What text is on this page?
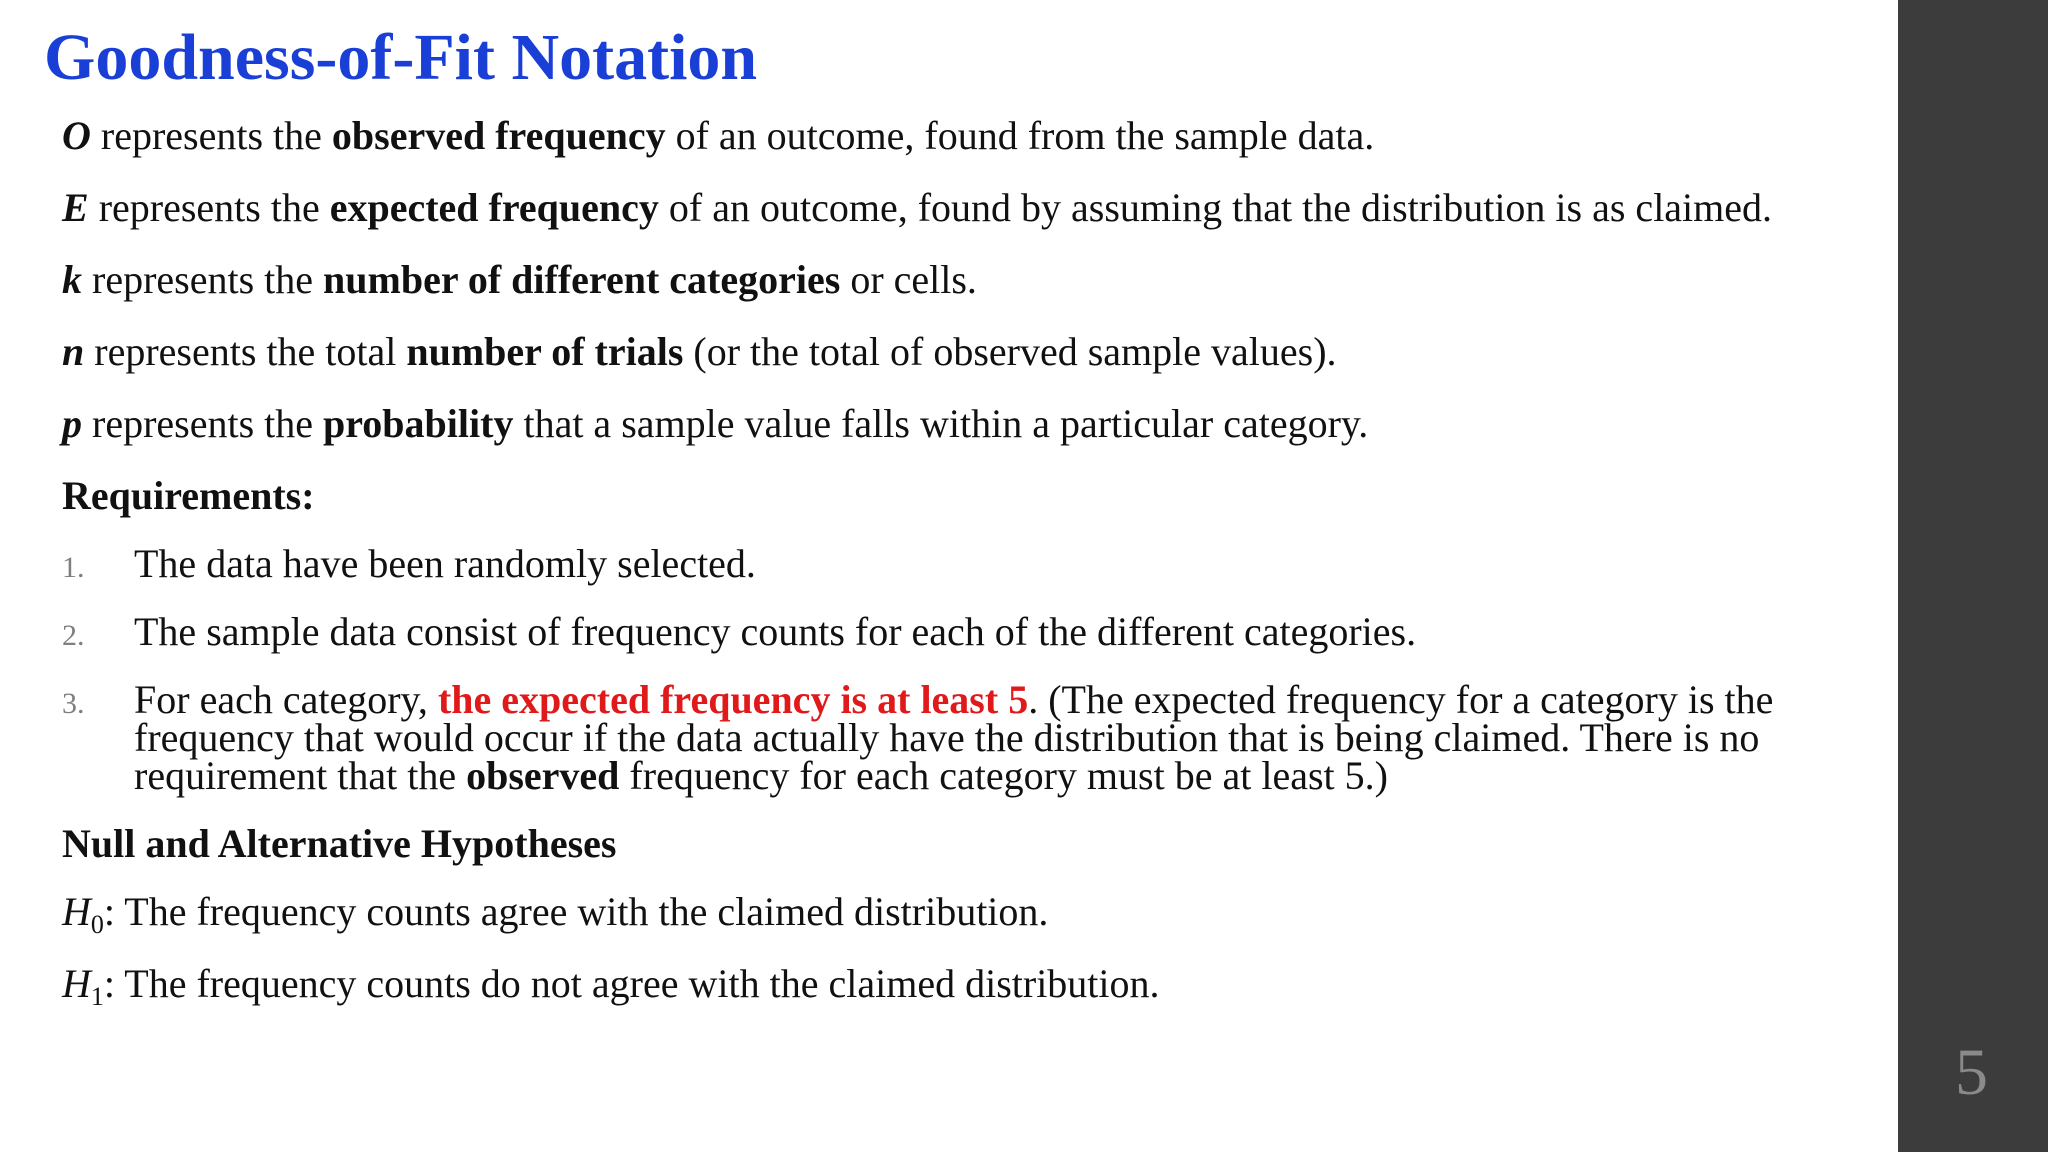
Goodness-of-Fit Notation

O represents the observed frequency of an outcome, found from the sample data.

E represents the expected frequency of an outcome, found by assuming that the distribution is as claimed.

k represents the number of different categories or cells.

n represents the total number of trials (or the total of observed sample values).

p represents the probability that a sample value falls within a particular category.

Requirements:

1. The data have been randomly selected.
2. The sample data consist of frequency counts for each of the different categories.
3. For each category, the expected frequency is at least 5. (The expected frequency for a category is the frequency that would occur if the data actually have the distribution that is being claimed. There is no requirement that the observed frequency for each category must be at least 5.)

Null and Alternative Hypotheses

$H_0$: The frequency counts agree with the claimed distribution.

$H_1$: The frequency counts do not agree with the claimed distribution.

5
